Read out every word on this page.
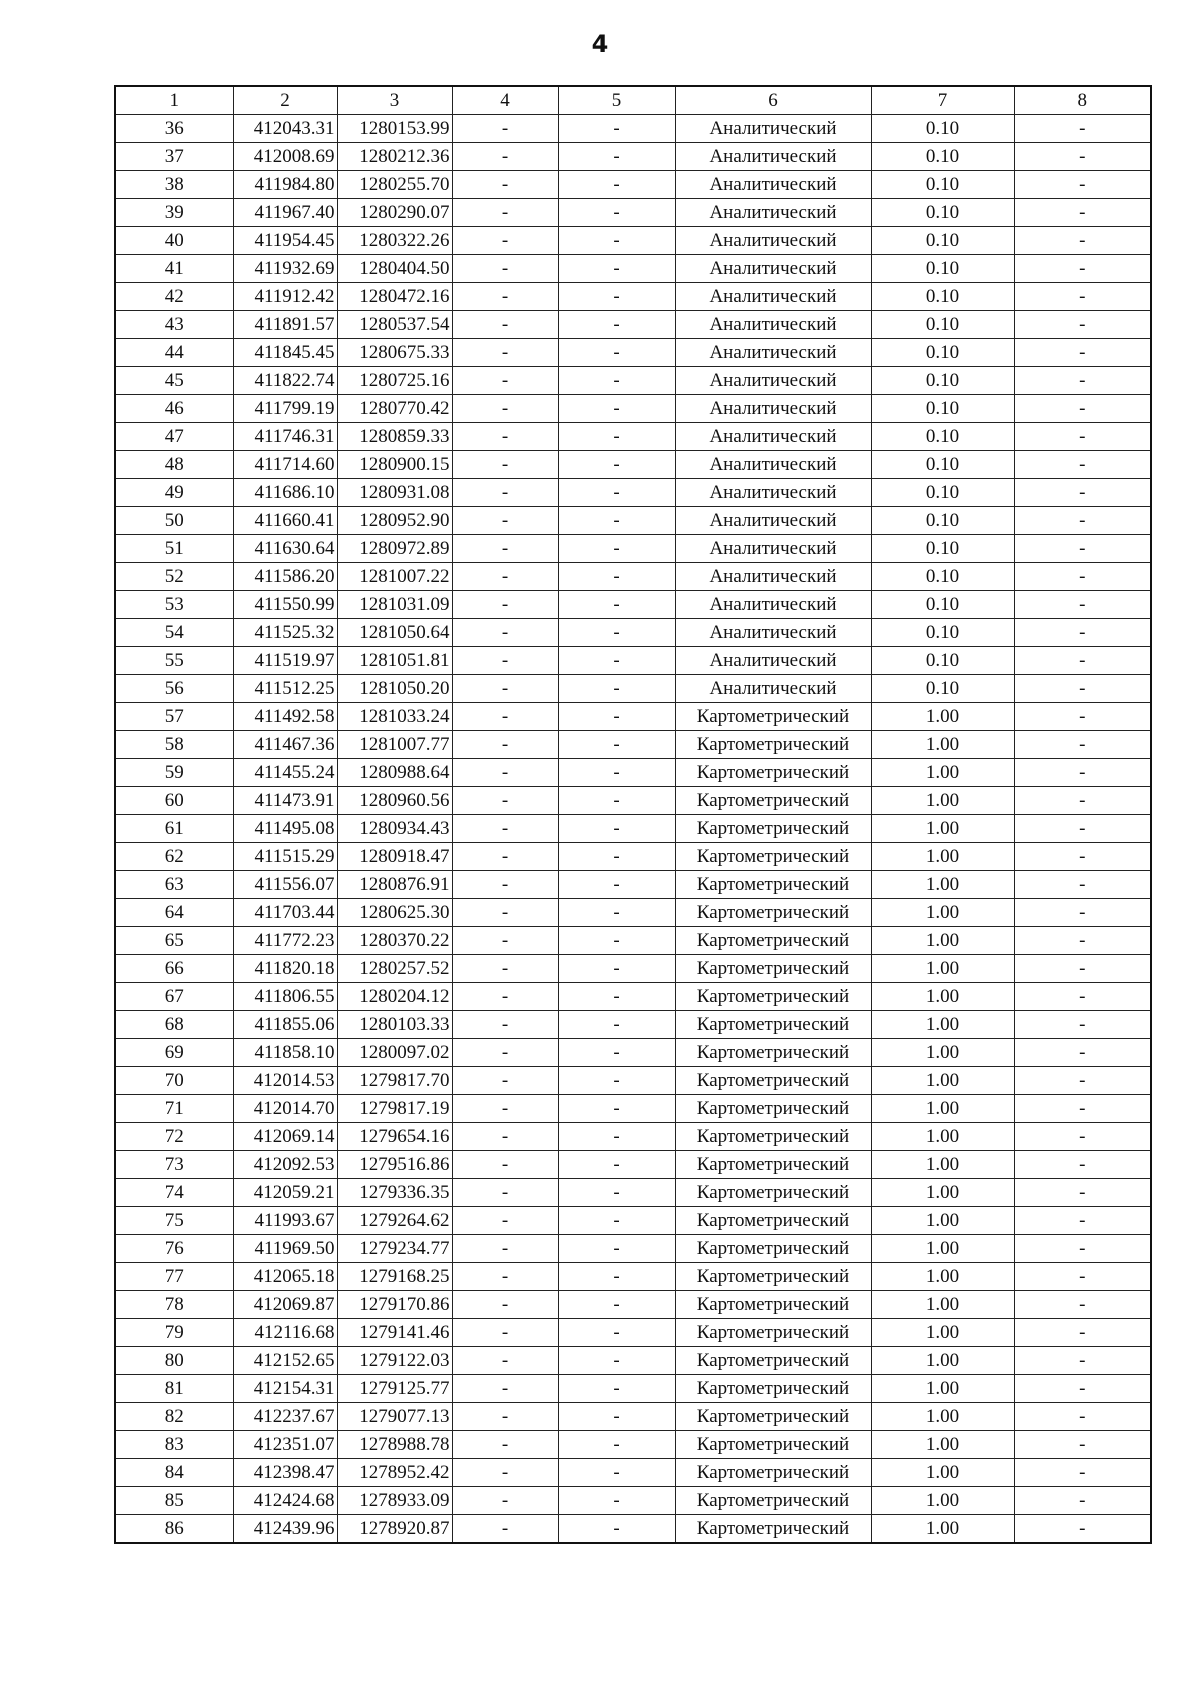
4
1	2	3	4	5	6	7	8
36	412043.31	1280153.99	-	-	Аналитический	0.10	-
37	412008.69	1280212.36	-	-	Аналитический	0.10	-
38	411984.80	1280255.70	-	-	Аналитический	0.10	-
39	411967.40	1280290.07	-	-	Аналитический	0.10	-
40	411954.45	1280322.26	-	-	Аналитический	0.10	-
41	411932.69	1280404.50	-	-	Аналитический	0.10	-
42	411912.42	1280472.16	-	-	Аналитический	0.10	-
43	411891.57	1280537.54	-	-	Аналитический	0.10	-
44	411845.45	1280675.33	-	-	Аналитический	0.10	-
45	411822.74	1280725.16	-	-	Аналитический	0.10	-
46	411799.19	1280770.42	-	-	Аналитический	0.10	-
47	411746.31	1280859.33	-	-	Аналитический	0.10	-
48	411714.60	1280900.15	-	-	Аналитический	0.10	-
49	411686.10	1280931.08	-	-	Аналитический	0.10	-
50	411660.41	1280952.90	-	-	Аналитический	0.10	-
51	411630.64	1280972.89	-	-	Аналитический	0.10	-
52	411586.20	1281007.22	-	-	Аналитический	0.10	-
53	411550.99	1281031.09	-	-	Аналитический	0.10	-
54	411525.32	1281050.64	-	-	Аналитический	0.10	-
55	411519.97	1281051.81	-	-	Аналитический	0.10	-
56	411512.25	1281050.20	-	-	Аналитический	0.10	-
57	411492.58	1281033.24	-	-	Картометрический	1.00	-
58	411467.36	1281007.77	-	-	Картометрический	1.00	-
59	411455.24	1280988.64	-	-	Картометрический	1.00	-
60	411473.91	1280960.56	-	-	Картометрический	1.00	-
61	411495.08	1280934.43	-	-	Картометрический	1.00	-
62	411515.29	1280918.47	-	-	Картометрический	1.00	-
63	411556.07	1280876.91	-	-	Картометрический	1.00	-
64	411703.44	1280625.30	-	-	Картометрический	1.00	-
65	411772.23	1280370.22	-	-	Картометрический	1.00	-
66	411820.18	1280257.52	-	-	Картометрический	1.00	-
67	411806.55	1280204.12	-	-	Картометрический	1.00	-
68	411855.06	1280103.33	-	-	Картометрический	1.00	-
69	411858.10	1280097.02	-	-	Картометрический	1.00	-
70	412014.53	1279817.70	-	-	Картометрический	1.00	-
71	412014.70	1279817.19	-	-	Картометрический	1.00	-
72	412069.14	1279654.16	-	-	Картометрический	1.00	-
73	412092.53	1279516.86	-	-	Картометрический	1.00	-
74	412059.21	1279336.35	-	-	Картометрический	1.00	-
75	411993.67	1279264.62	-	-	Картометрический	1.00	-
76	411969.50	1279234.77	-	-	Картометрический	1.00	-
77	412065.18	1279168.25	-	-	Картометрический	1.00	-
78	412069.87	1279170.86	-	-	Картометрический	1.00	-
79	412116.68	1279141.46	-	-	Картометрический	1.00	-
80	412152.65	1279122.03	-	-	Картометрический	1.00	-
81	412154.31	1279125.77	-	-	Картометрический	1.00	-
82	412237.67	1279077.13	-	-	Картометрический	1.00	-
83	412351.07	1278988.78	-	-	Картометрический	1.00	-
84	412398.47	1278952.42	-	-	Картометрический	1.00	-
85	412424.68	1278933.09	-	-	Картометрический	1.00	-
86	412439.96	1278920.87	-	-	Картометрический	1.00	-
